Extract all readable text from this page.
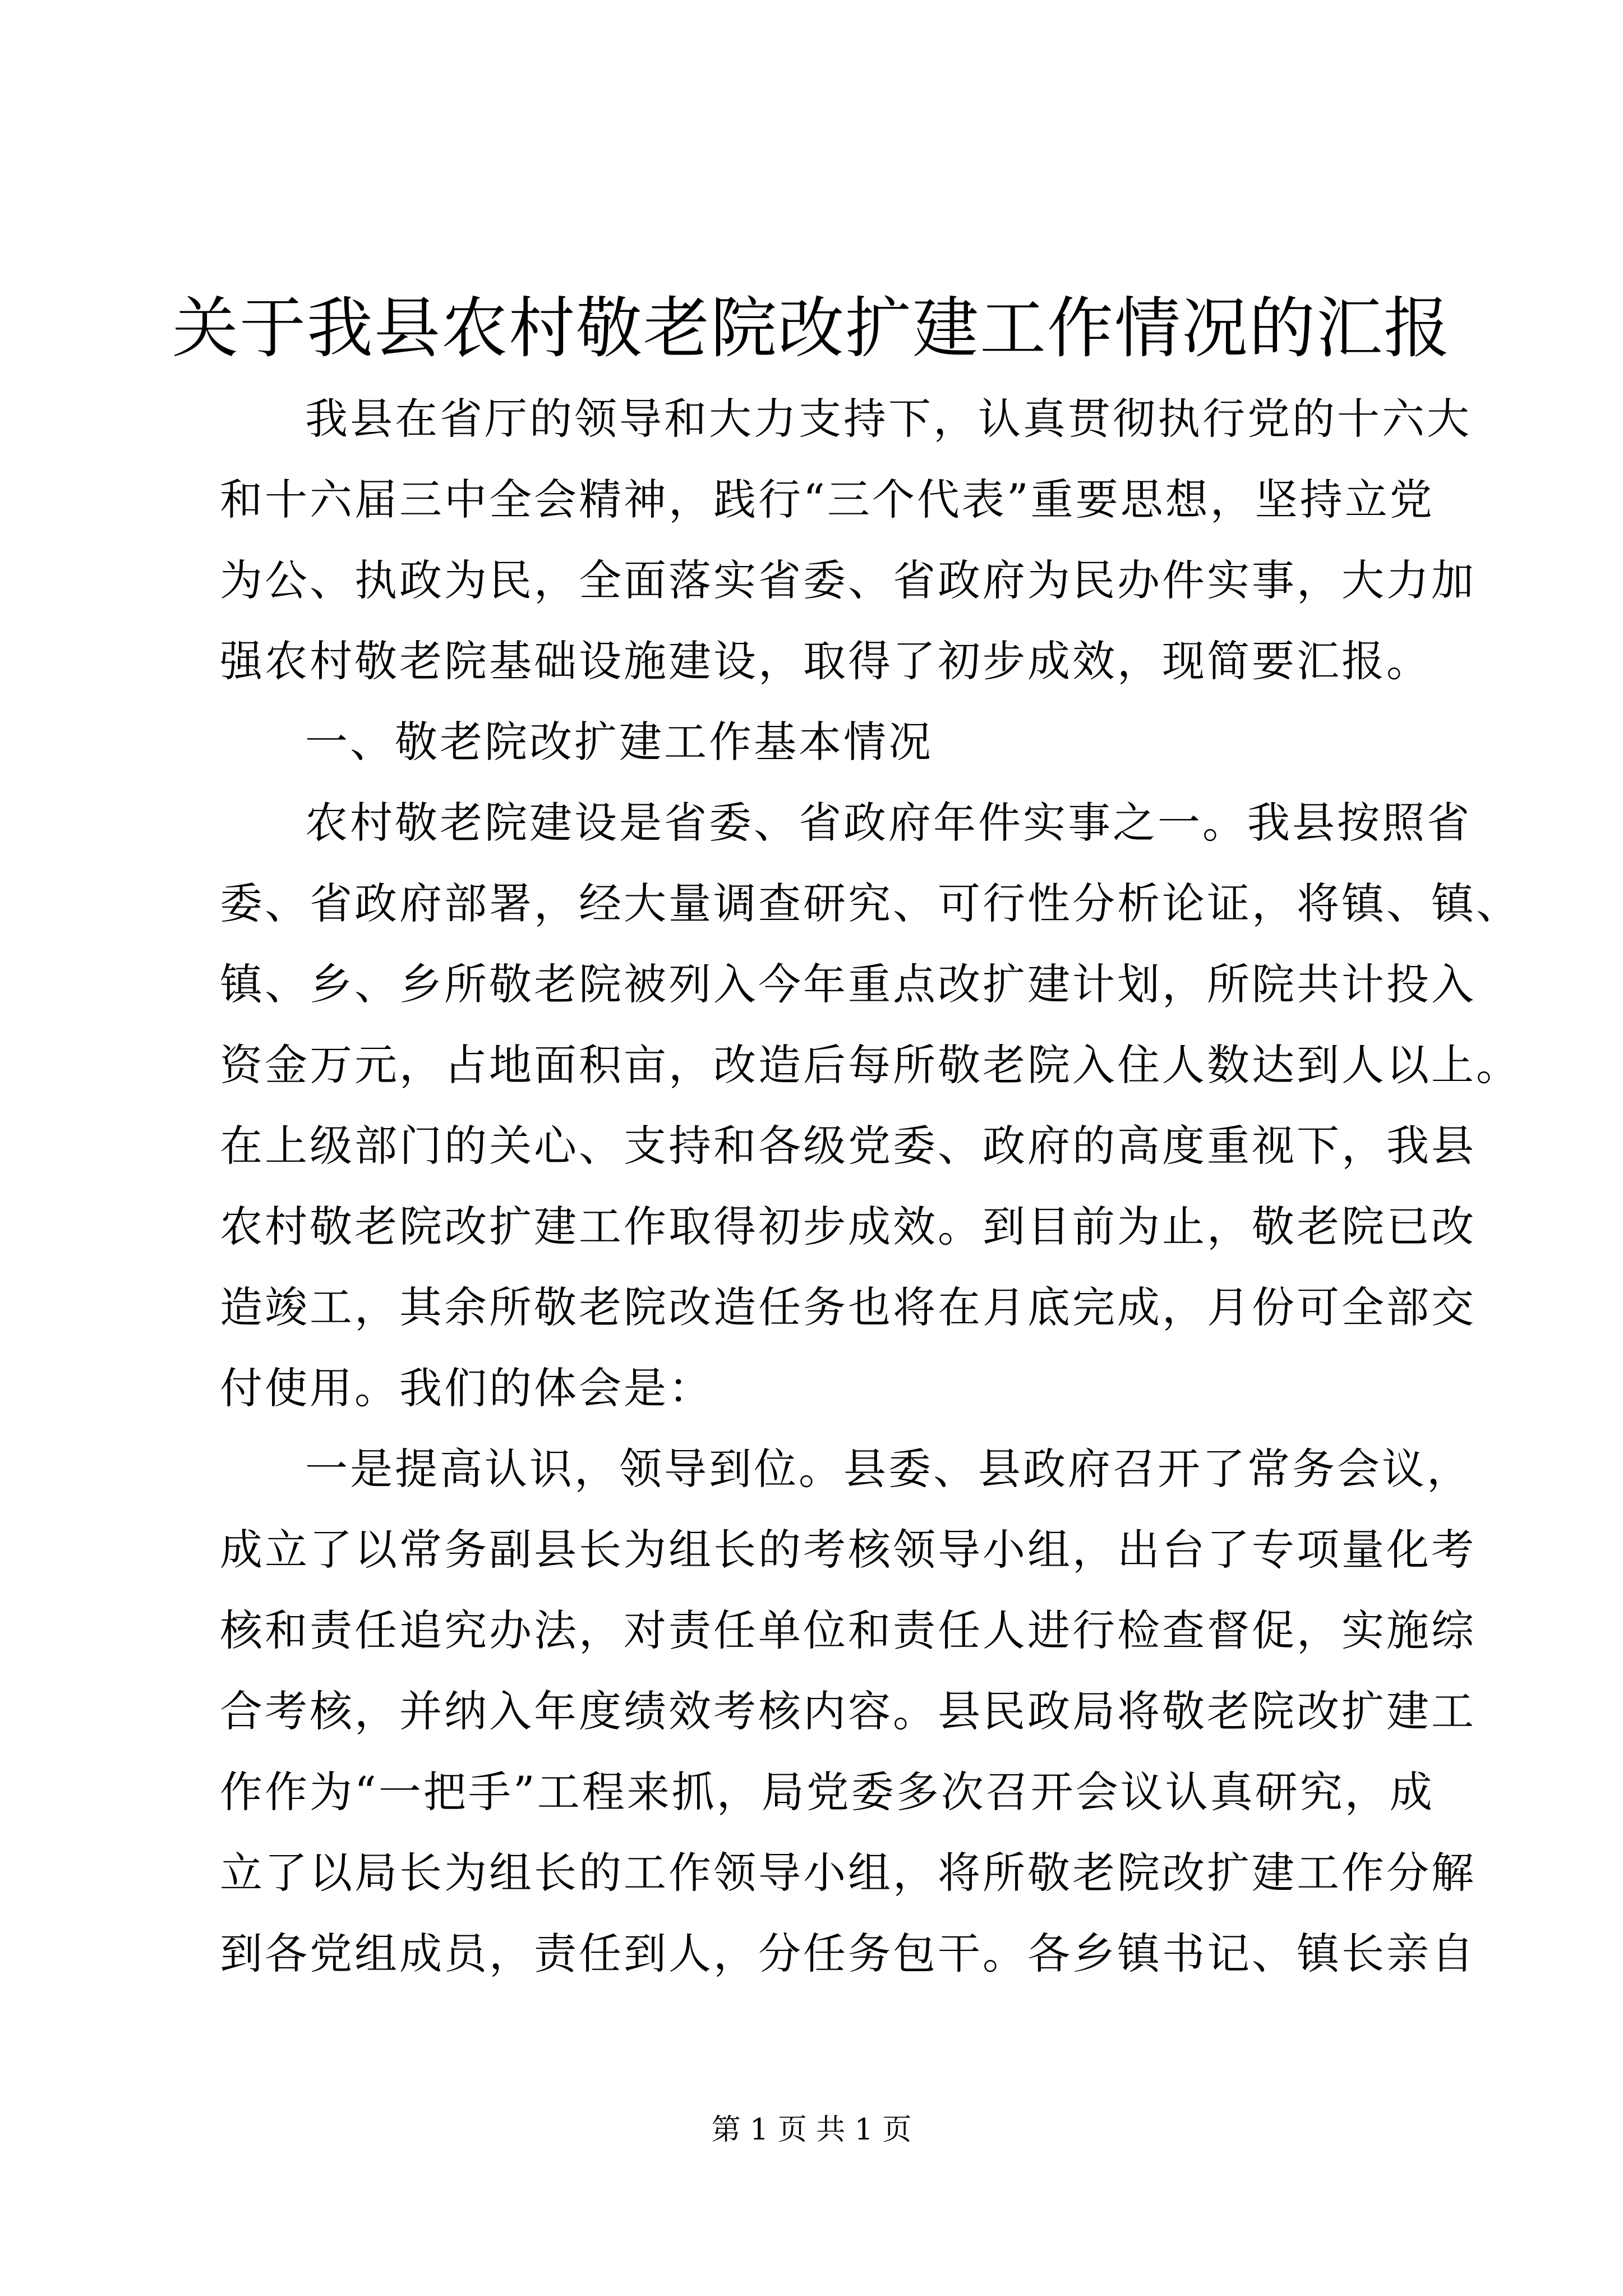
关于我县农村敬老院改扩建工作情况的汇报

我县在省厅的领导和大力支持下，认真贯彻执行党的十六大
和十六届三中全会精神，践行“三个代表”重要思想，坚持立党
为公、执政为民，全面落实省委、省政府为民办件实事，大力加
强农村敬老院基础设施建设，取得了初步成效，现简要汇报。

一、敬老院改扩建工作基本情况

农村敬老院建设是省委、省政府年件实事之一。我县按照省
委、省政府部署，经大量调查研究、可行性分析论证，将镇、镇、
镇、乡、乡所敬老院被列入今年重点改扩建计划，所院共计投入
资金万元，占地面积亩，改造后每所敬老院入住人数达到人以上。
在上级部门的关心、支持和各级党委、政府的高度重视下，我县
农村敬老院改扩建工作取得初步成效。到目前为止，敬老院已改
造竣工，其余所敬老院改造任务也将在月底完成，月份可全部交
付使用。我们的体会是：

一是提高认识，领导到位。县委、县政府召开了常务会议，
成立了以常务副县长为组长的考核领导小组，出台了专项量化考
核和责任追究办法，对责任单位和责任人进行检查督促，实施综
合考核，并纳入年度绩效考核内容。县民政局将敬老院改扩建工
作作为“一把手”工程来抓，局党委多次召开会议认真研究，成
立了以局长为组长的工作领导小组，将所敬老院改扩建工作分解
到各党组成员，责任到人，分任务包干。各乡镇书记、镇长亲自

第 1 页 共 1 页
